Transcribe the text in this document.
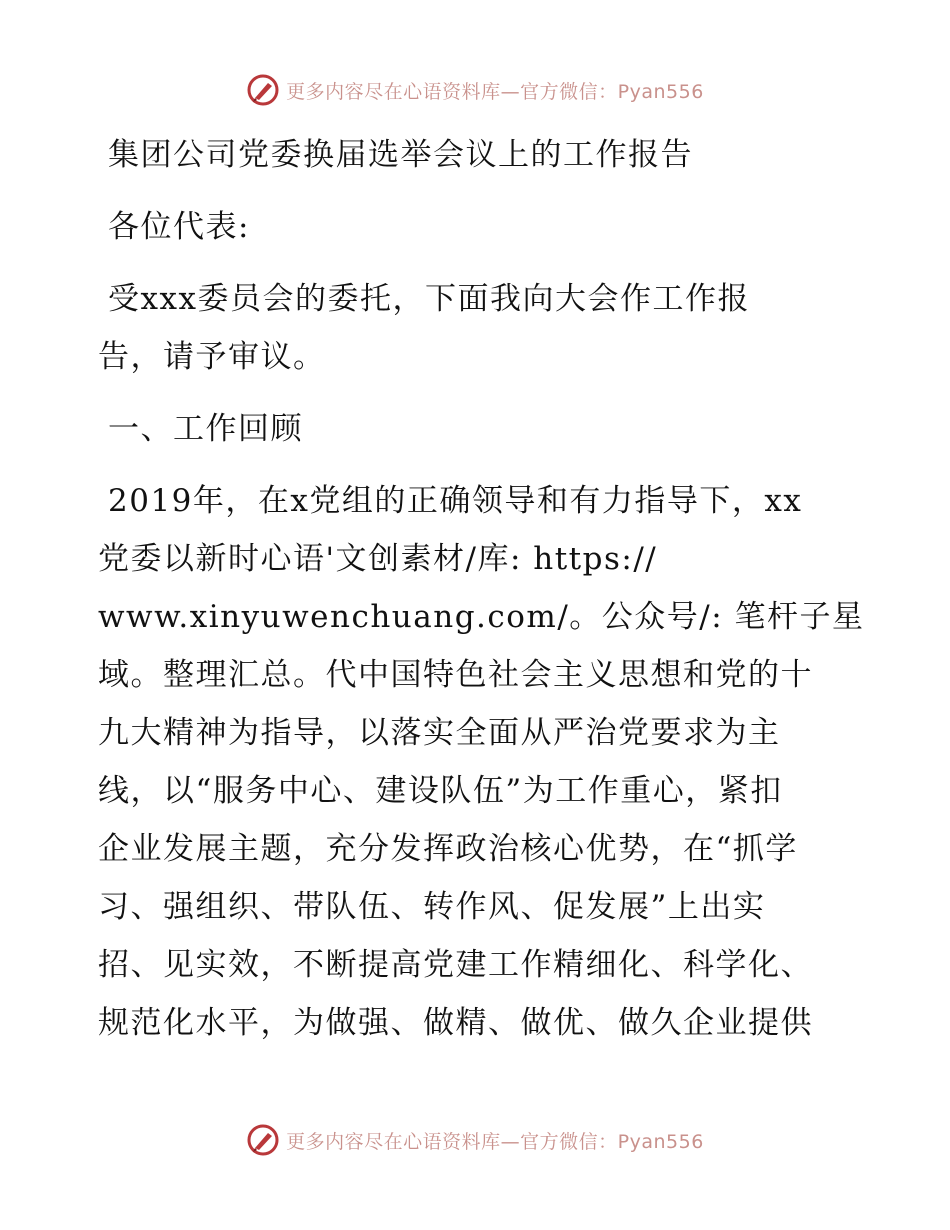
更多内容尽在心语资料库—官方微信：Pyan556
集团公司党委换届选举会议上的工作报告
各位代表:
受xxx委员会的委托，下面我向大会作工作报
告，请予审议。
一、工作回顾
2019年，在x党组的正确领导和有力指导下，xx
党委以新时心语'文创素材/库: https://
www.xinyuwenchuang.com/。公众号/: 笔杆子星
域。整理汇总。代中国特色社会主义思想和党的十
九大精神为指导，以落实全面从严治党要求为主
线，以“服务中心、建设队伍”为工作重心，紧扣
企业发展主题，充分发挥政治核心优势，在“抓学
习、强组织、带队伍、转作风、促发展”上出实
招、见实效，不断提高党建工作精细化、科学化、
规范化水平，为做强、做精、做优、做久企业提供
更多内容尽在心语资料库—官方微信：Pyan556
